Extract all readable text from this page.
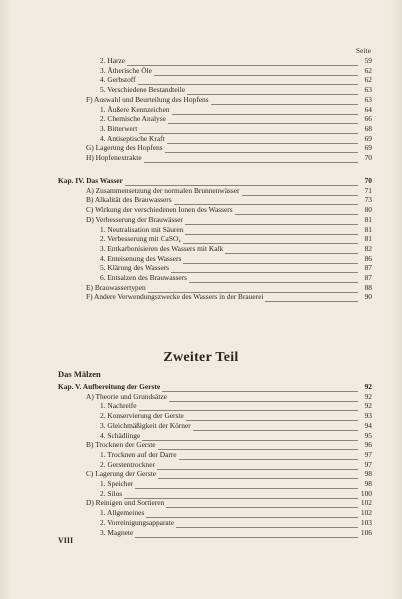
Seite
2. Harze	59
3. Ätherische Öle	62
4. Gerbstoff	62
5. Verschiedene Bestandteile	63
F) Auswahl und Beurteilung des Hopfens	63
1. Äußere Kennzeichen	64
2. Chemische Analyse	66
3. Bitterwert	68
4. Antiseptische Kraft	69
G) Lagerung des Hopfens	69
H) Hopfenextrakte	70
Kap. IV. Das Wasser	70
A) Zusammensetzung der normalen Brunnenwässer	71
B) Alkalität des Brauwassers	73
C) Wirkung der verschiedenen Ionen des Wassers	80
D) Verbesserung der Brauwässer	81
1. Neutralisation mit Säuren	81
2. Verbesserung mit CaSO₄	81
3. Entkarbonisieren des Wassers mit Kalk	82
4. Enteisenung des Wassers	86
5. Klärung des Wassers	87
6. Entsalzen des Brauwassers	87
E) Brauwassertypen	88
F) Andere Verwendungszwecke des Wassers in der Brauerei	90
Kap. V. Aufbereitung der Gerste	92
A) Theorie und Grundsätze	92
1. Nachreife	92
2. Konservierung der Gerste	93
3. Gleichmäßigkeit der Körner	94
4. Schädlinge	95
B) Trocknen der Gerste	96
1. Trocknen auf der Darre	97
2. Gerstentrockner	97
C) Lagerung der Gerste	98
1. Speicher	98
2. Silos	100
D) Reinigen und Sortieren	102
1. Allgemeines	102
2. Vorreinigungsapparate	103
3. Magnete	106
Zweiter Teil
Das Mälzen
VIII
